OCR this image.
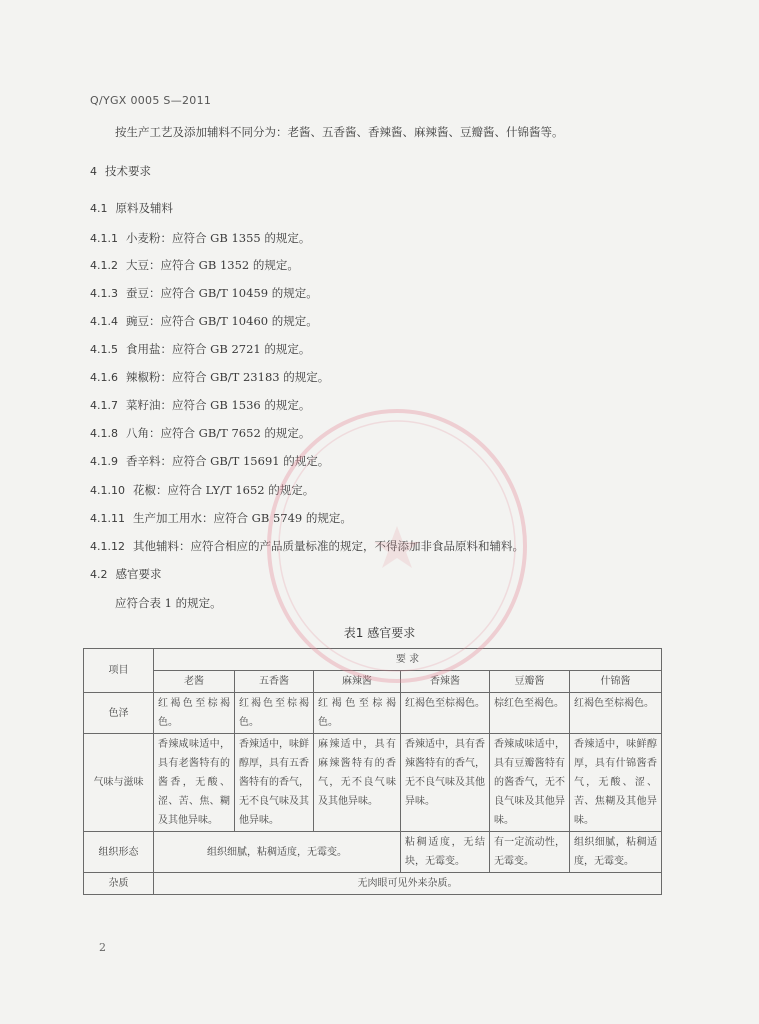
Q/YGX 0005 S—2011
按生产工艺及添加辅料不同分为：老酱、五香酱、香辣酱、麻辣酱、豆瓣酱、什锦酱等。
4 技术要求
4.1 原料及辅料
4.1.1 小麦粉：应符合 GB 1355 的规定。
4.1.2 大豆：应符合 GB 1352 的规定。
4.1.3 蚕豆：应符合 GB/T 10459 的规定。
4.1.4 豌豆：应符合 GB/T 10460 的规定。
4.1.5 食用盐：应符合 GB 2721 的规定。
4.1.6 辣椒粉：应符合 GB/T 23183 的规定。
4.1.7 菜籽油：应符合 GB 1536 的规定。
4.1.8 八角：应符合 GB/T 7652 的规定。
4.1.9 香辛料：应符合 GB/T 15691 的规定。
4.1.10 花椒：应符合 LY/T 1652 的规定。
4.1.11 生产加工用水：应符合 GB 5749 的规定。
4.1.12 其他辅料：应符合相应的产品质量标准的规定，不得添加非食品原料和辅料。
4.2 感官要求
应符合表 1 的规定。
表1 感官要求
项目	要 求					
	老酱	五香酱	麻辣酱	香辣酱	豆瓣酱	什锦酱
色泽	红褐色至棕褐色。	红褐色至棕褐色。	红褐色至棕褐色。	红褐色至棕褐色。	棕红色至褐色。	红褐色至棕褐色。
气味与滋味	香辣咸味适中，具有老酱特有的酱香，无酸、涩、苦、焦、糊及其他异味。	香辣适中，味鲜醇厚，具有五香酱特有的香气，无不良气味及其他异味。	麻辣适中，具有麻辣酱特有的香气，无不良气味及其他异味。	香辣适中，具有香辣酱特有的香气，无不良气味及其他异味。	香辣咸味适中，具有豆瓣酱特有的酱香气，无不良气味及其他异味。	香辣适中，味鲜醇厚，具有什锦酱香气，无酸、涩、苦、焦糊及其他异味。
组织形态	组织细腻，粘稠适度，无霉变。			粘稠适度，无结块，无霉变。	有一定流动性，无霉变。	组织细腻，粘稠适度，无霉变。
杂质	无肉眼可见外来杂质。					
2
